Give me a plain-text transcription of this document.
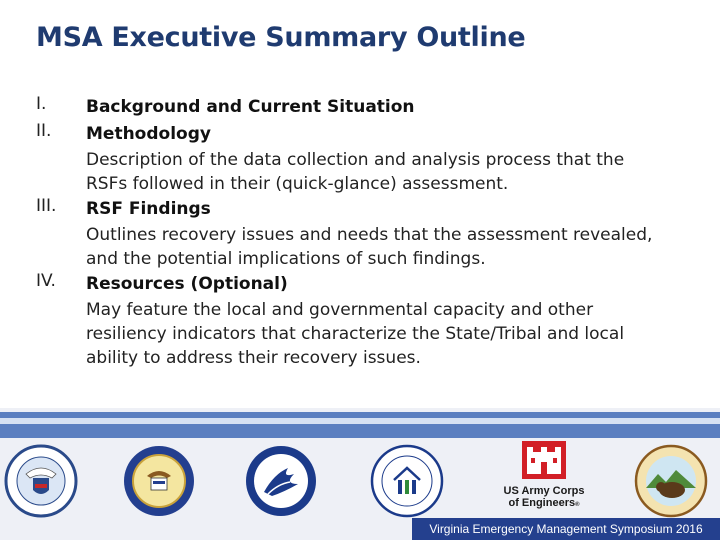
MSA Executive Summary Outline
I. Background and Current Situation
II. Methodology
Description of the data collection and analysis process that the RSFs followed in their (quick-glance) assessment.
III. RSF Findings
Outlines recovery issues and needs that the assessment revealed, and the potential implications of such findings.
IV. Resources (Optional)
May feature the local and governmental capacity and other resiliency indicators that characterize the State/Tribal and local ability to address their recovery issues.
US Army Corps
of Engineers®
Virginia Emergency Management Symposium 2016
